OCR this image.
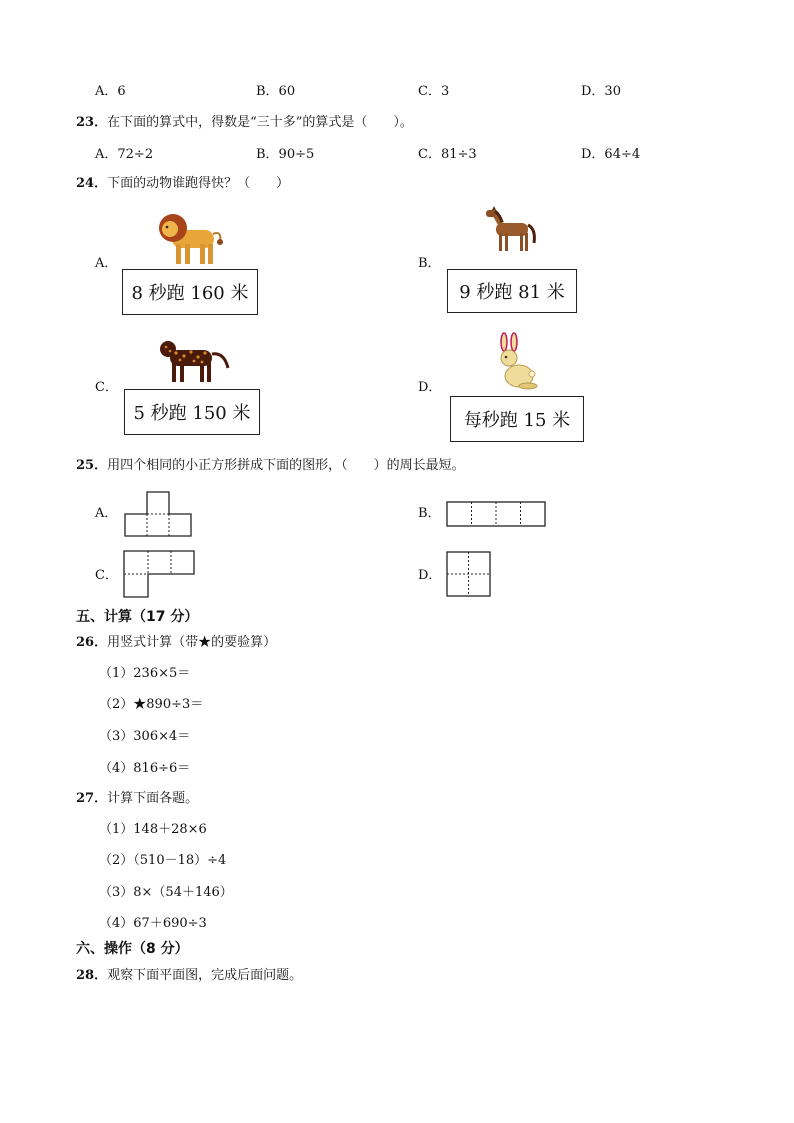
A．6	B．60	C．3	D．30
23．在下面的算式中，得数是“三十多”的算式是（　　）。
A．72÷2	B．90÷5	C．81÷3	D．64÷4
24．下面的动物谁跑得快？（　　）
A．
8 秒跑 160 米
B．
9 秒跑 81 米
C．
5 秒跑 150 米
D．
每秒跑 15 米
25．用四个相同的小正方形拼成下面的图形，（　　）的周长最短。
A．	B．
C．	D．
五、计算（17 分）
26．用竖式计算（带★的要验算）
（1）236×5＝
（2）★890÷3＝
（3）306×4＝
（4）816÷6＝
27．计算下面各题。
（1）148＋28×6
（2）（510－18）÷4
（3）8×（54＋146）
（4）67＋690÷3
六、操作（8 分）
28．观察下面平面图，完成后面问题。
